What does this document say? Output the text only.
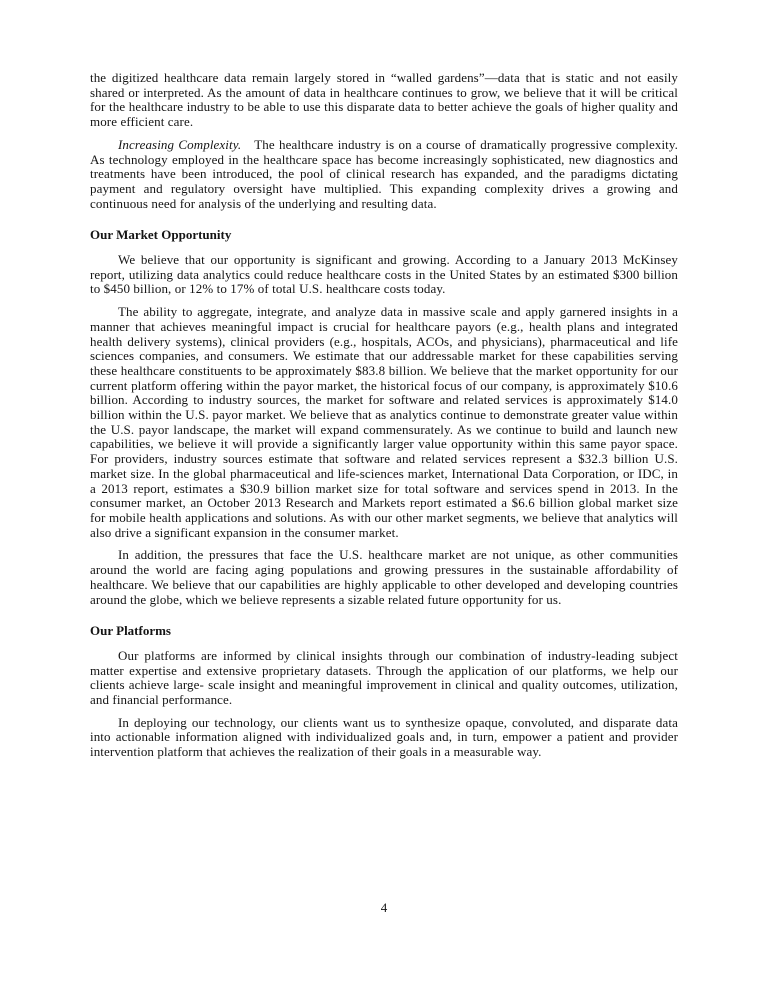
the digitized healthcare data remain largely stored in “walled gardens”—data that is static and not easily shared or interpreted. As the amount of data in healthcare continues to grow, we believe that it will be critical for the healthcare industry to be able to use this disparate data to better achieve the goals of higher quality and more efficient care.

Increasing Complexity. The healthcare industry is on a course of dramatically progressive complexity. As technology employed in the healthcare space has become increasingly sophisticated, new diagnostics and treatments have been introduced, the pool of clinical research has expanded, and the paradigms dictating payment and regulatory oversight have multiplied. This expanding complexity drives a growing and continuous need for analysis of the underlying and resulting data.

Our Market Opportunity

We believe that our opportunity is significant and growing. According to a January 2013 McKinsey report, utilizing data analytics could reduce healthcare costs in the United States by an estimated $300 billion to $450 billion, or 12% to 17% of total U.S. healthcare costs today.

The ability to aggregate, integrate, and analyze data in massive scale and apply garnered insights in a manner that achieves meaningful impact is crucial for healthcare payors (e.g., health plans and integrated health delivery systems), clinical providers (e.g., hospitals, ACOs, and physicians), pharmaceutical and life sciences companies, and consumers. We estimate that our addressable market for these capabilities serving these healthcare constituents to be approximately $83.8 billion. We believe that the market opportunity for our current platform offering within the payor market, the historical focus of our company, is approximately $10.6 billion. According to industry sources, the market for software and related services is approximately $14.0 billion within the U.S. payor market. We believe that as analytics continue to demonstrate greater value within the U.S. payor landscape, the market will expand commensurately. As we continue to build and launch new capabilities, we believe it will provide a significantly larger value opportunity within this same payor space. For providers, industry sources estimate that software and related services represent a $32.3 billion U.S. market size. In the global pharmaceutical and life-sciences market, International Data Corporation, or IDC, in a 2013 report, estimates a $30.9 billion market size for total software and services spend in 2013. In the consumer market, an October 2013 Research and Markets report estimated a $6.6 billion global market size for mobile health applications and solutions. As with our other market segments, we believe that analytics will also drive a significant expansion in the consumer market.

In addition, the pressures that face the U.S. healthcare market are not unique, as other communities around the world are facing aging populations and growing pressures in the sustainable affordability of healthcare. We believe that our capabilities are highly applicable to other developed and developing countries around the globe, which we believe represents a sizable related future opportunity for us.

Our Platforms

Our platforms are informed by clinical insights through our combination of industry-leading subject matter expertise and extensive proprietary datasets. Through the application of our platforms, we help our clients achieve large- scale insight and meaningful improvement in clinical and quality outcomes, utilization, and financial performance.

In deploying our technology, our clients want us to synthesize opaque, convoluted, and disparate data into actionable information aligned with individualized goals and, in turn, empower a patient and provider intervention platform that achieves the realization of their goals in a measurable way.

4
